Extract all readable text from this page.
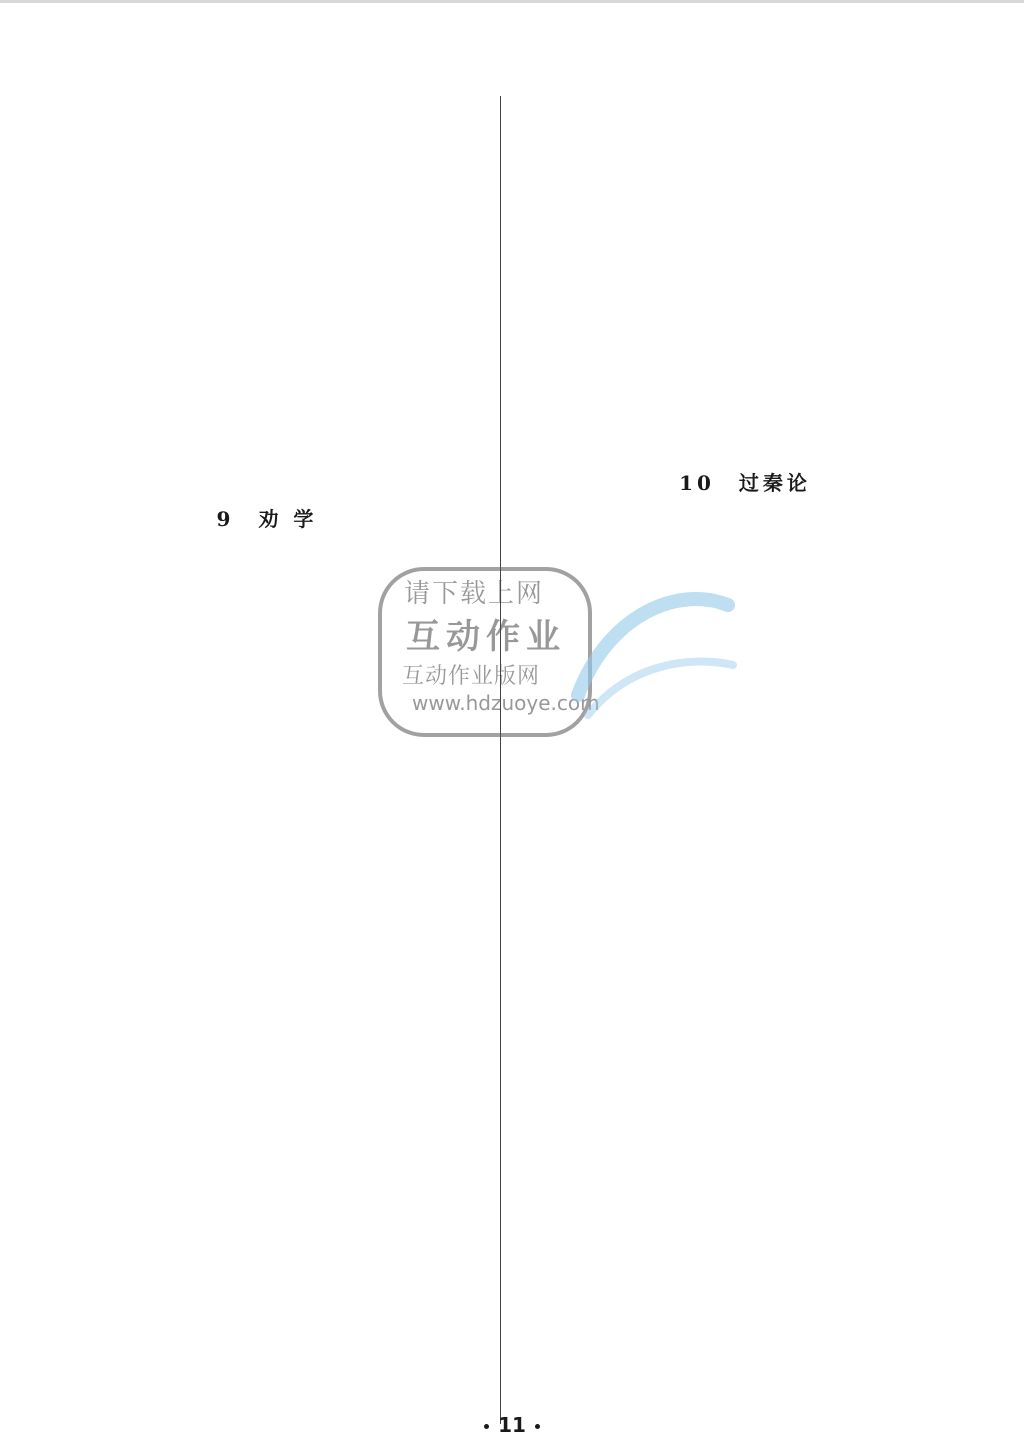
9　劝 学
10　过秦论
请下载上网
互动作业
互动作业版网
www.hdzuoye.com
11
